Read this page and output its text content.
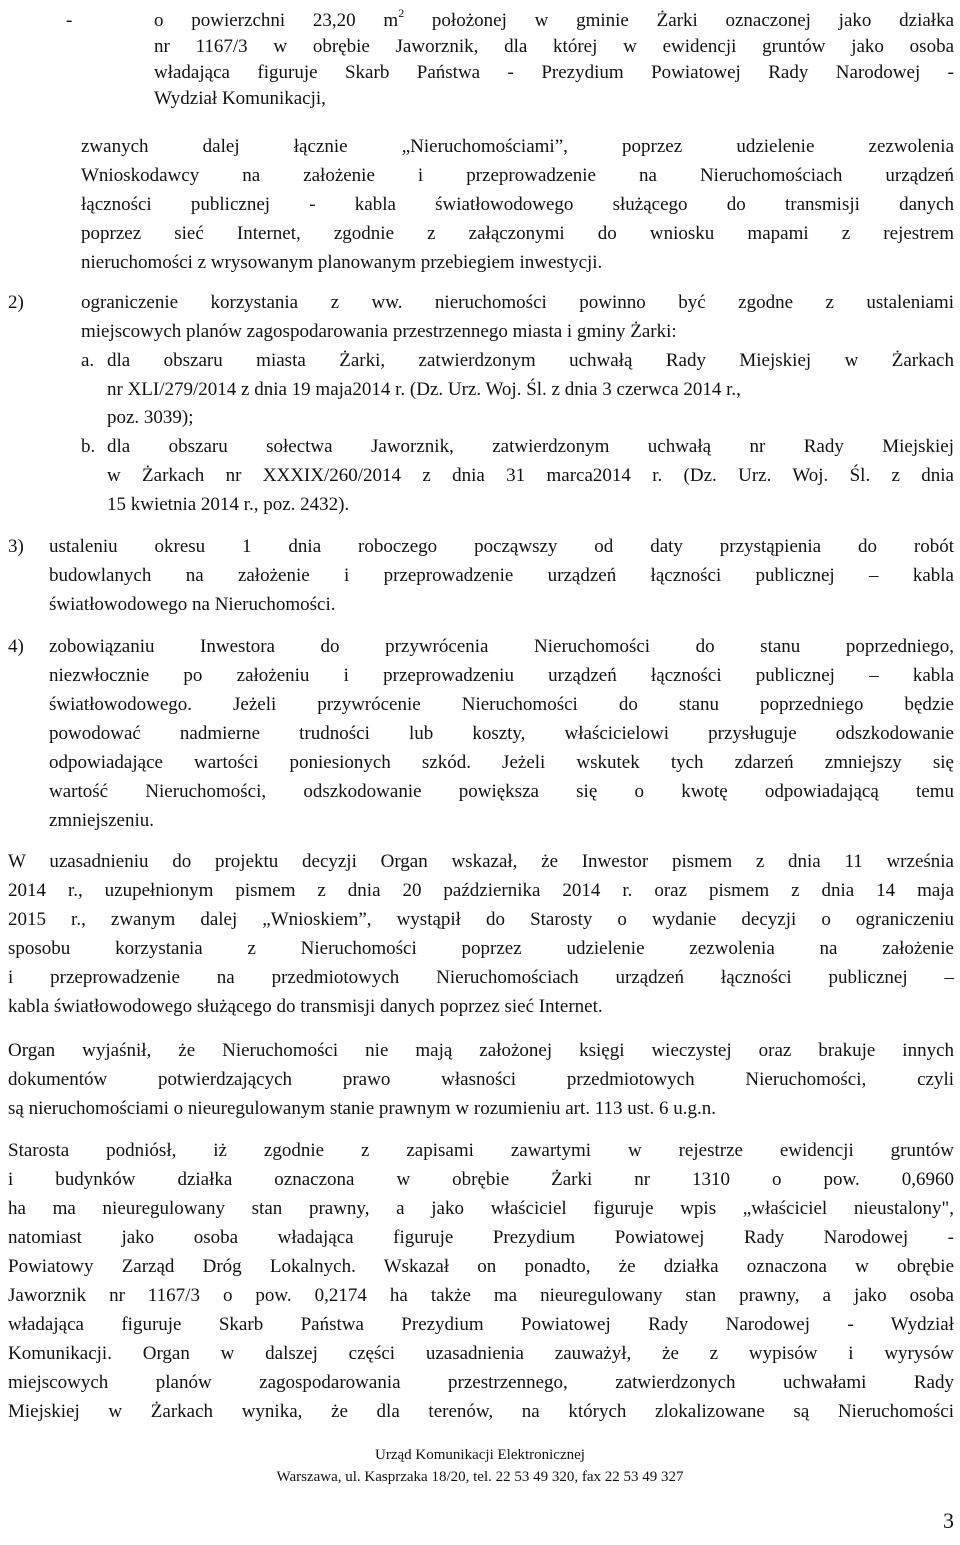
-	o powierzchni 23,20 $m^2$ położonej w gminie Żarki oznaczonej jako działka
nr 1167/3 w obrębie Jaworznik, dla której w ewidencji gruntów jako osoba
władająca figuruje Skarb Państwa - Prezydium Powiatowej Rady Narodowej -
Wydział Komunikacji,
zwanych dalej łącznie „Nieruchomościami”, poprzez udzielenie zezwolenia
Wnioskodawcy na założenie i przeprowadzenie na Nieruchomościach urządzeń
łączności publicznej - kabla światłowodowego służącego do transmisji danych
poprzez sieć Internet, zgodnie z załączonymi do wniosku mapami z rejestrem
nieruchomości z wrysowanym planowanym przebiegiem inwestycji.
2)	ograniczenie korzystania z ww. nieruchomości powinno być zgodne z ustaleniami
miejscowych planów zagospodarowania przestrzennego miasta i gminy Żarki:
a. dla obszaru miasta Żarki, zatwierdzonym uchwałą Rady Miejskiej w Żarkach
nr XLI/279/2014 z dnia 19 maja2014 r. (Dz. Urz. Woj. Śl. z dnia 3 czerwca 2014 r.,
poz. 3039);
b. dla obszaru sołectwa Jaworznik, zatwierdzonym uchwałą nr Rady Miejskiej
w Żarkach nr XXXIX/260/2014 z dnia 31 marca2014 r. (Dz. Urz. Woj. Śl. z dnia
15 kwietnia 2014 r., poz. 2432).
3) ustaleniu okresu 1 dnia roboczego począwszy od daty przystąpienia do robót
budowlanych na założenie i przeprowadzenie urządzeń łączności publicznej – kabla
światłowodowego na Nieruchomości.
4) zobowiązaniu Inwestora do przywrócenia Nieruchomości do stanu poprzedniego,
niezwłocznie po założeniu i przeprowadzeniu urządzeń łączności publicznej – kabla
światłowodowego. Jeżeli przywrócenie Nieruchomości do stanu poprzedniego będzie
powodować nadmierne trudności lub koszty, właścicielowi przysługuje odszkodowanie
odpowiadające wartości poniesionych szkód. Jeżeli wskutek tych zdarzeń zmniejszy się
wartość Nieruchomości, odszkodowanie powiększa się o kwotę odpowiadającą temu
zmniejszeniu.
W uzasadnieniu do projektu decyzji Organ wskazał, że Inwestor pismem z dnia 11 września
2014 r., uzupełnionym pismem z dnia 20 października 2014 r. oraz pismem z dnia 14 maja
2015 r., zwanym dalej „Wnioskiem”, wystąpił do Starosty o wydanie decyzji o ograniczeniu
sposobu korzystania z Nieruchomości poprzez udzielenie zezwolenia na założenie
i przeprowadzenie na przedmiotowych Nieruchomościach urządzeń łączności publicznej –
kabla światłowodowego służącego do transmisji danych poprzez sieć Internet.
Organ wyjaśnił, że Nieruchomości nie mają założonej księgi wieczystej oraz brakuje innych
dokumentów potwierdzających prawo własności przedmiotowych Nieruchomości, czyli
są nieruchomościami o nieuregulowanym stanie prawnym w rozumieniu art. 113 ust. 6 u.g.n.
Starosta podniósł, iż zgodnie z zapisami zawartymi w rejestrze ewidencji gruntów
i budynków działka oznaczona w obrębie Żarki nr 1310 o pow. 0,6960
ha ma nieuregulowany stan prawny, a jako właściciel figuruje wpis „właściciel nieustalony",
natomiast jako osoba władająca figuruje Prezydium Powiatowej Rady Narodowej -
Powiatowy Zarząd Dróg Lokalnych. Wskazał on ponadto, że działka oznaczona w obrębie
Jaworznik nr 1167/3 o pow. 0,2174 ha także ma nieuregulowany stan prawny, a jako osoba
władająca figuruje Skarb Państwa Prezydium Powiatowej Rady Narodowej - Wydział
Komunikacji. Organ w dalszej części uzasadnienia zauważył, że z wypisów i wyrysów
miejscowych planów zagospodarowania przestrzennego, zatwierdzonych uchwałami Rady
Miejskiej w Żarkach wynika, że dla terenów, na których zlokalizowane są Nieruchomości
Urząd Komunikacji Elektronicznej
Warszawa, ul. Kasprzaka 18/20, tel. 22 53 49 320, fax 22 53 49 327
3
